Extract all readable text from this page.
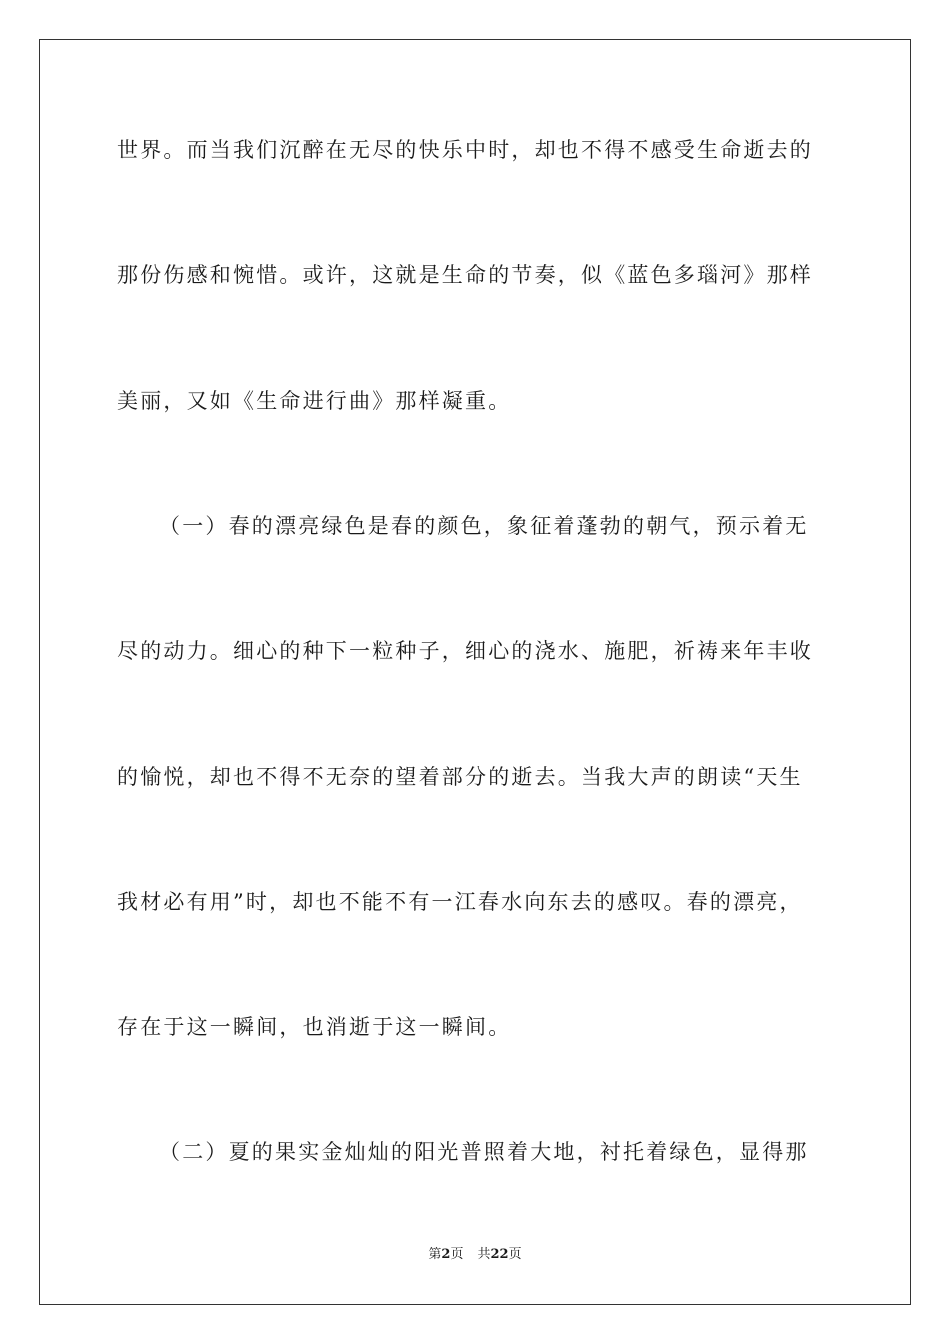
世界。而当我们沉醉在无尽的快乐中时，却也不得不感受生命逝去的
那份伤感和惋惜。或许，这就是生命的节奏，似《蓝色多瑙河》那样
美丽，又如《生命进行曲》那样凝重。
（一）春的漂亮绿色是春的颜色，象征着蓬勃的朝气，预示着无
尽的动力。细心的种下一粒种子，细心的浇水、施肥，祈祷来年丰收
的愉悦，却也不得不无奈的望着部分的逝去。当我大声的朗读“天生
我材必有用”时，却也不能不有一江春水向东去的感叹。春的漂亮，
存在于这一瞬间，也消逝于这一瞬间。
（二）夏的果实金灿灿的阳光普照着大地，衬托着绿色，显得那
第2页 共22页
